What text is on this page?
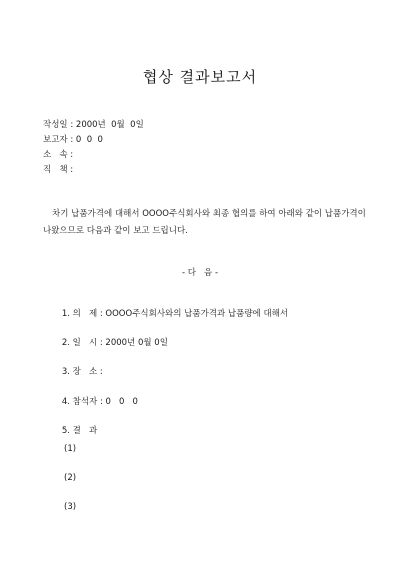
협상 결과보고서
작성일 : 2000년  0월  0일
보고자 : 0  0  0
소   속 :
직   책 :
차기 납품가격에 대해서 OOOO주식회사와 최종 협의를 하여 아래와 같이 납품가격이 나왔으므로 다음과 같이 보고 드립니다.
- 다   음 -

1. 의   제 : OOOO주식회사와의 납품가격과 납품량에 대해서

2. 일   시 : 2000년 0월 0일

3. 장   소 :

4. 참석자 : 0   0   0

5. 결   과

(1)
(2)
(3)
